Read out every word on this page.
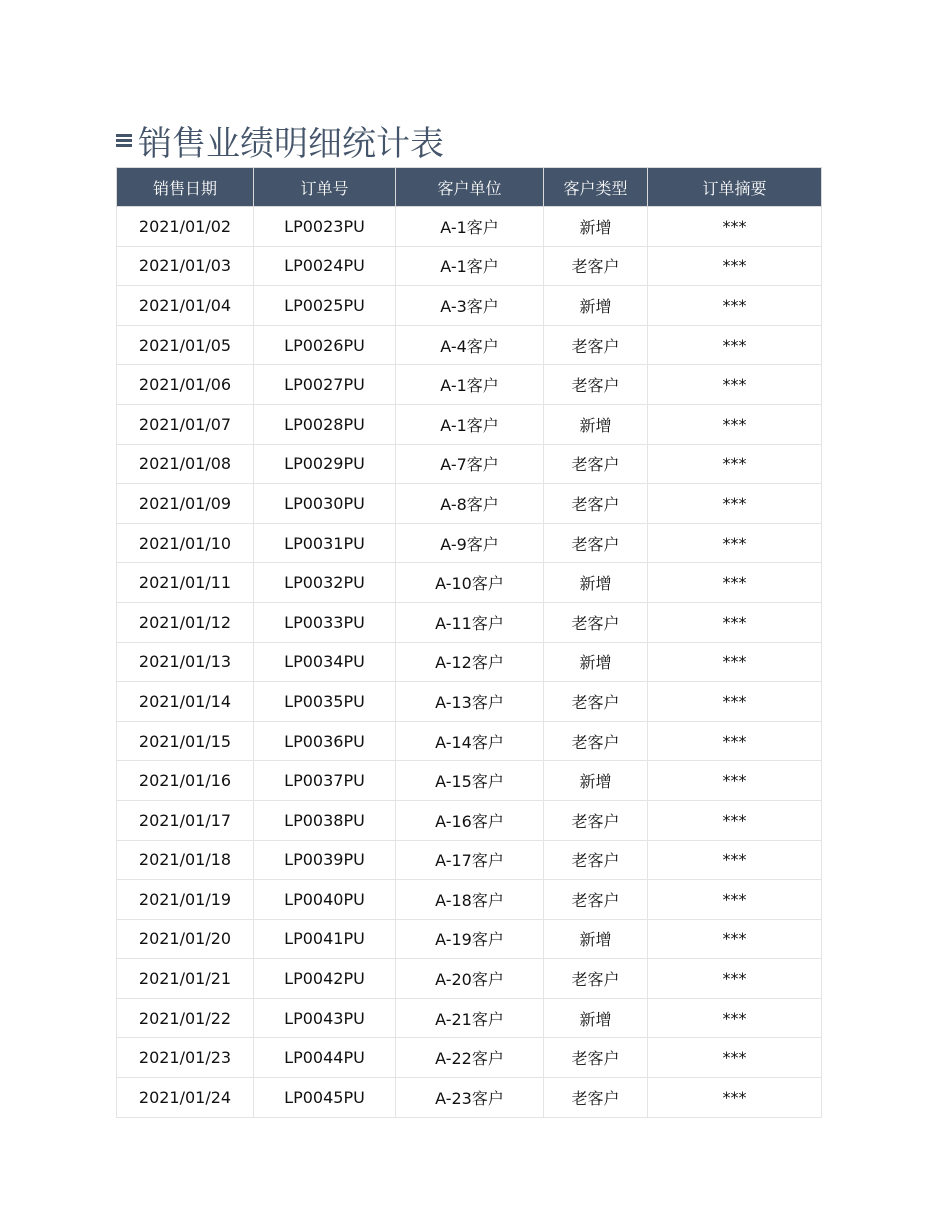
销售业绩明细统计表
销售日期	订单号	客户单位	客户类型	订单摘要
2021/01/02	LP0023PU	A-1客户	新增	***
2021/01/03	LP0024PU	A-1客户	老客户	***
2021/01/04	LP0025PU	A-3客户	新增	***
2021/01/05	LP0026PU	A-4客户	老客户	***
2021/01/06	LP0027PU	A-1客户	老客户	***
2021/01/07	LP0028PU	A-1客户	新增	***
2021/01/08	LP0029PU	A-7客户	老客户	***
2021/01/09	LP0030PU	A-8客户	老客户	***
2021/01/10	LP0031PU	A-9客户	老客户	***
2021/01/11	LP0032PU	A-10客户	新增	***
2021/01/12	LP0033PU	A-11客户	老客户	***
2021/01/13	LP0034PU	A-12客户	新增	***
2021/01/14	LP0035PU	A-13客户	老客户	***
2021/01/15	LP0036PU	A-14客户	老客户	***
2021/01/16	LP0037PU	A-15客户	新增	***
2021/01/17	LP0038PU	A-16客户	老客户	***
2021/01/18	LP0039PU	A-17客户	老客户	***
2021/01/19	LP0040PU	A-18客户	老客户	***
2021/01/20	LP0041PU	A-19客户	新增	***
2021/01/21	LP0042PU	A-20客户	老客户	***
2021/01/22	LP0043PU	A-21客户	新增	***
2021/01/23	LP0044PU	A-22客户	老客户	***
2021/01/24	LP0045PU	A-23客户	老客户	***
